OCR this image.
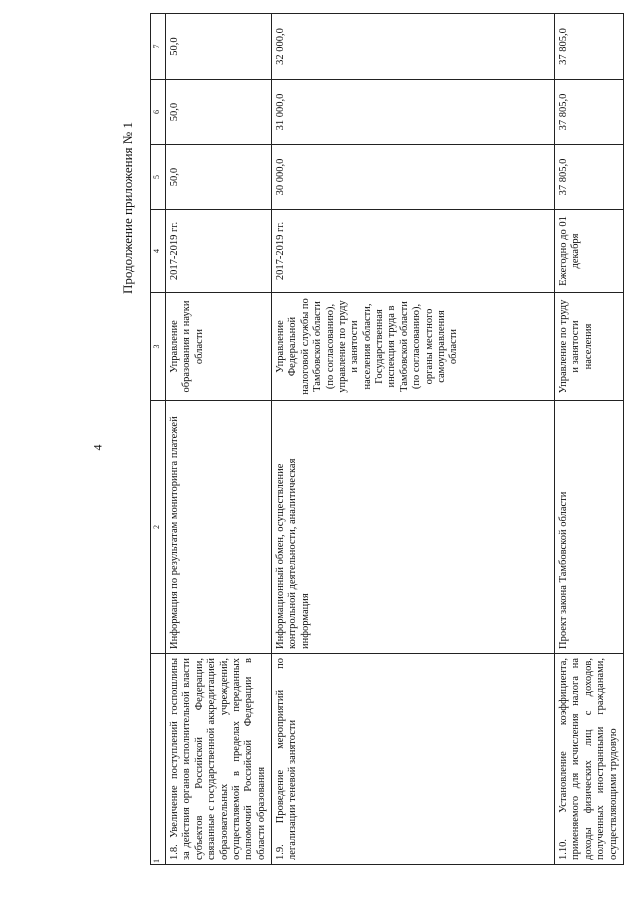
4
Продолжение приложения № 1
1	2	3	4	5	6	7
1.8. Увеличение поступлений госпошлины за действия органов исполнительной власти субъектов Российской Федерации, связанные с государственной аккредитацией образовательных учреждений, осуществляемой в пределах переданных полномочий Российской Федерации в области образования	Информация по результатам мониторинга платежей	Управление образования и науки области	2017-2019 гг.	50,0	50,0	50,0
1.9. Проведение мероприятий по легализации теневой занятости	Информационный обмен, осуществление контрольной деятельности, аналитическая информация	Управление Федеральной налоговой службы по Тамбовской области (по согласованию), управление по труду и занятости населения области, Государственная инспекция труда в Тамбовской области (по согласованию), органы местного самоуправления области	2017-2019 гг.	30 000,0	31 000,0	32 000,0
1.10. Установление коэффициента, применяемого для исчисления налога на доходы физических лиц с доходов, полученных иностранными гражданами, осуществляющими трудовую	Проект закона Тамбовской области	Управление по труду и занятости населения	Ежегодно до 01 декабря	37 805,0	37 805,0	37 805,0
